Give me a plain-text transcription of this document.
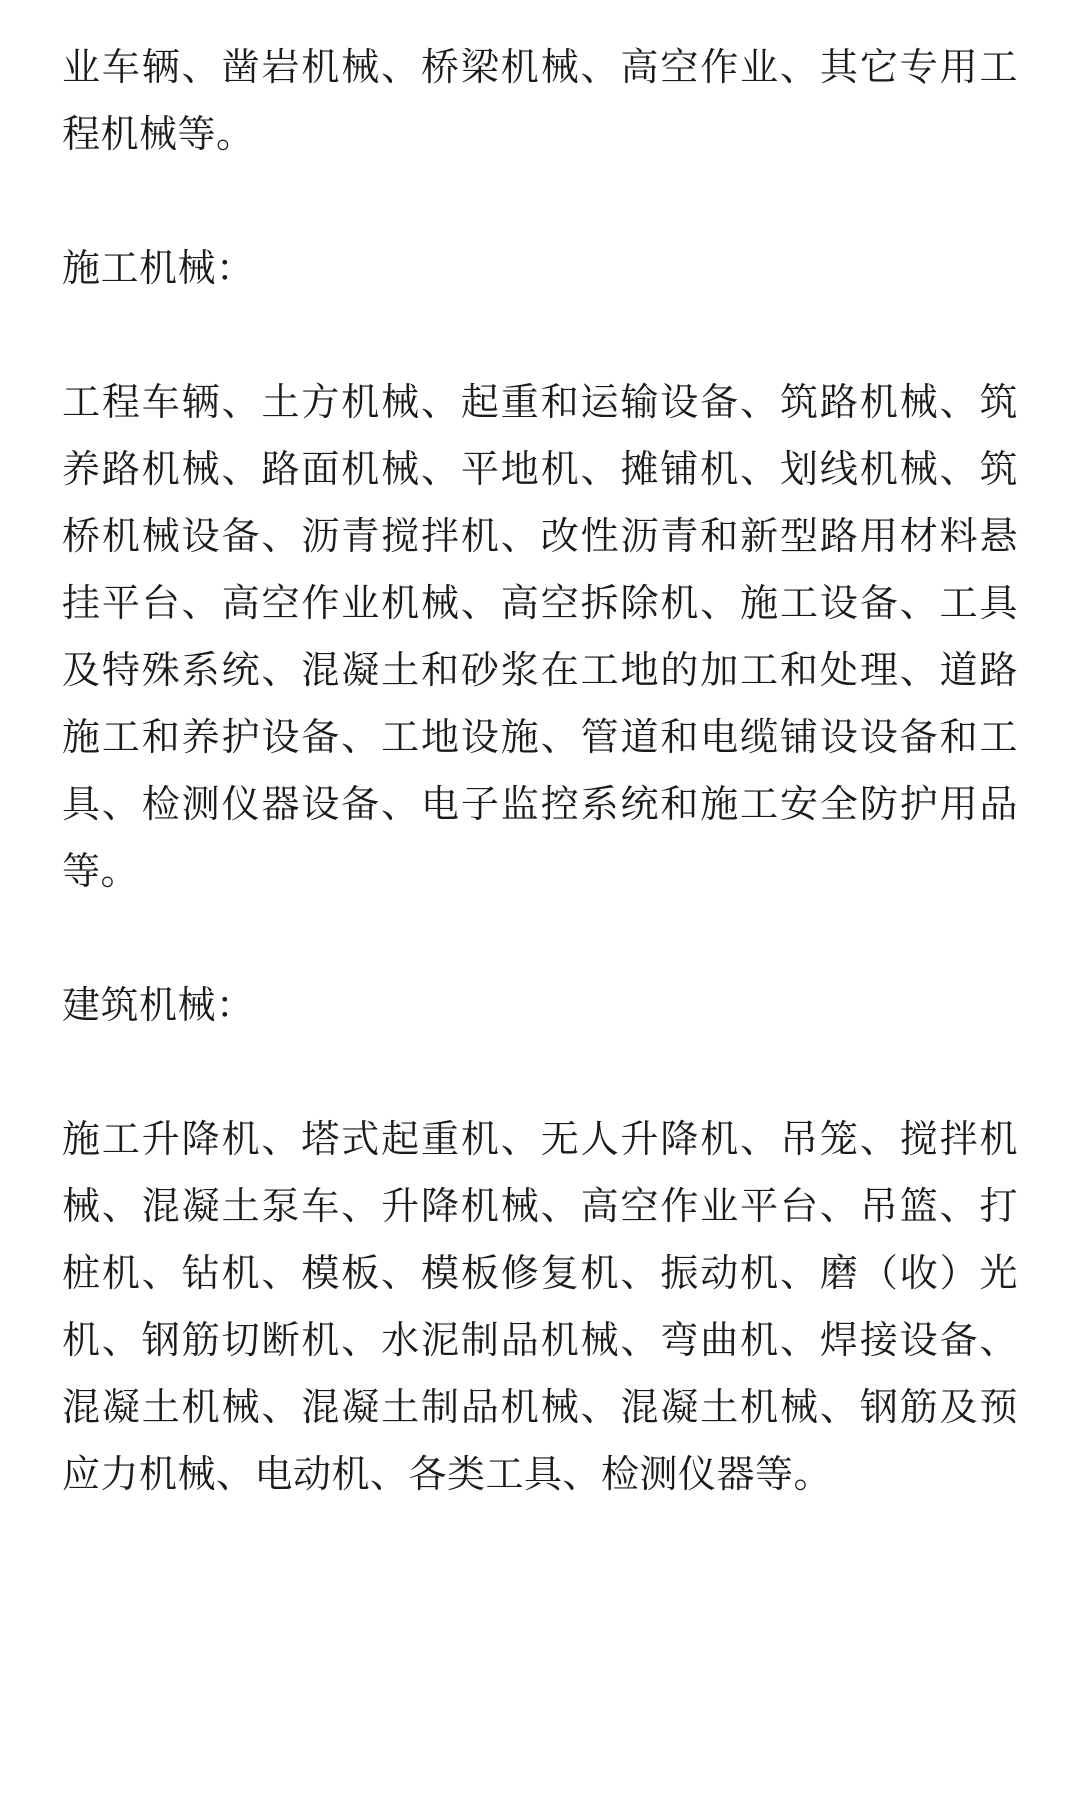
业车辆、凿岩机械、桥梁机械、高空作业、其它专用工程机械等。

施工机械：

工程车辆、土方机械、起重和运输设备、筑路机械、筑养路机械、路面机械、平地机、摊铺机、划线机械、筑桥机械设备、沥青搅拌机、改性沥青和新型路用材料悬挂平台、高空作业机械、高空拆除机、施工设备、工具及特殊系统、混凝土和砂浆在工地的加工和处理、道路施工和养护设备、工地设施、管道和电缆铺设设备和工具、检测仪器设备、电子监控系统和施工安全防护用品等。

建筑机械：

施工升降机、塔式起重机、无人升降机、吊笼、搅拌机械、混凝土泵车、升降机械、高空作业平台、吊篮、打桩机、钻机、模板、模板修复机、振动机、磨（收）光机、钢筋切断机、水泥制品机械、弯曲机、焊接设备、混凝土机械、混凝土制品机械、混凝土机械、钢筋及预应力机械、电动机、各类工具、检测仪器等。
